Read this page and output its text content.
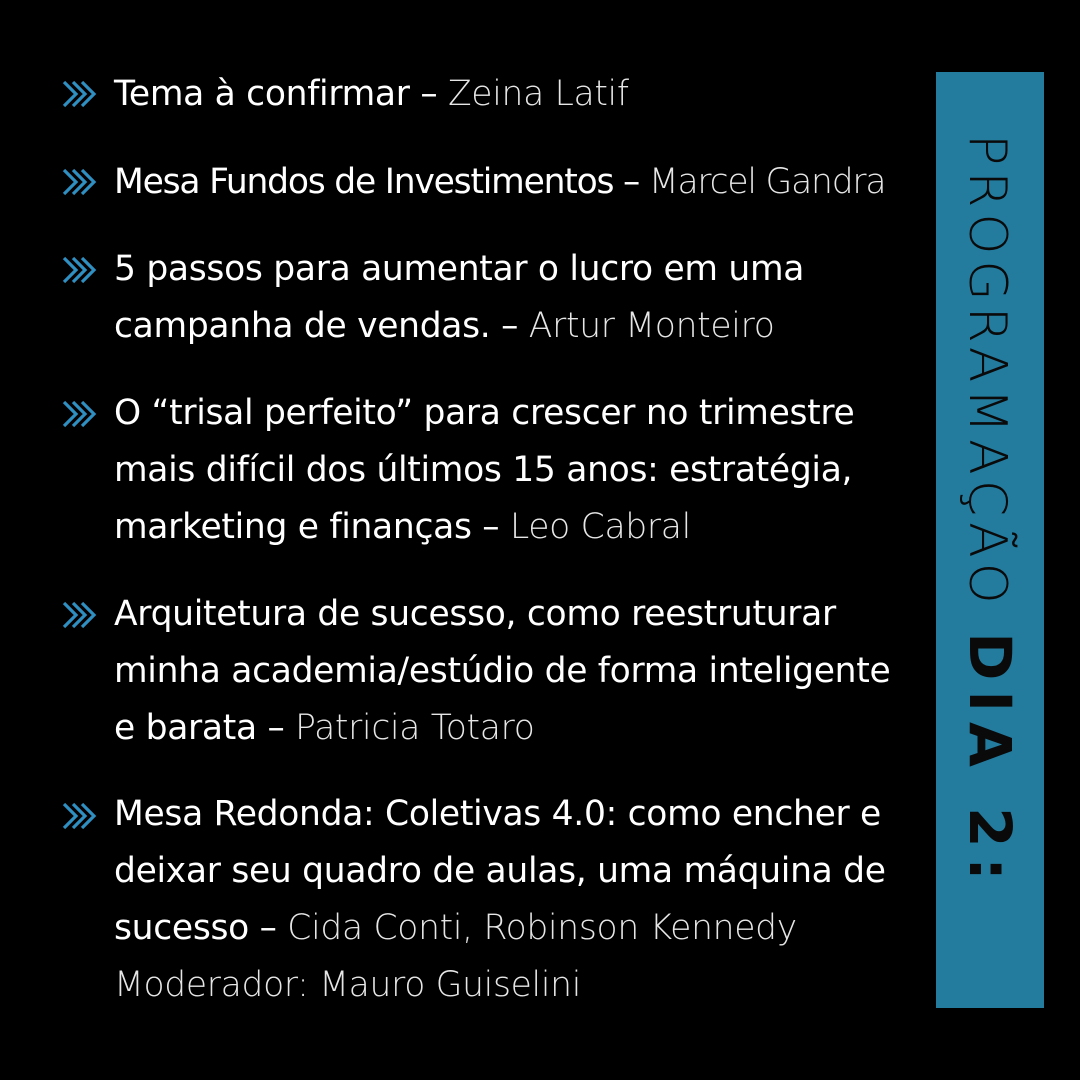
Tema à confirmar – Zeina Latif
Mesa Fundos de Investimentos – Marcel Gandra
5 passos para aumentar o lucro em uma campanha de vendas. – Artur Monteiro
O “trisal perfeito” para crescer no trimestre mais difícil dos últimos 15 anos: estratégia, marketing e finanças – Leo Cabral
Arquitetura de sucesso, como reestruturar minha academia/estúdio de forma inteligente e barata – Patricia Totaro
Mesa Redonda: Coletivas 4.0: como encher e deixar seu quadro de aulas, uma máquina de sucesso – Cida Conti, Robinson Kennedy
Moderador: Mauro Guiselini
PROGRAMAÇÃO DIA 2:
